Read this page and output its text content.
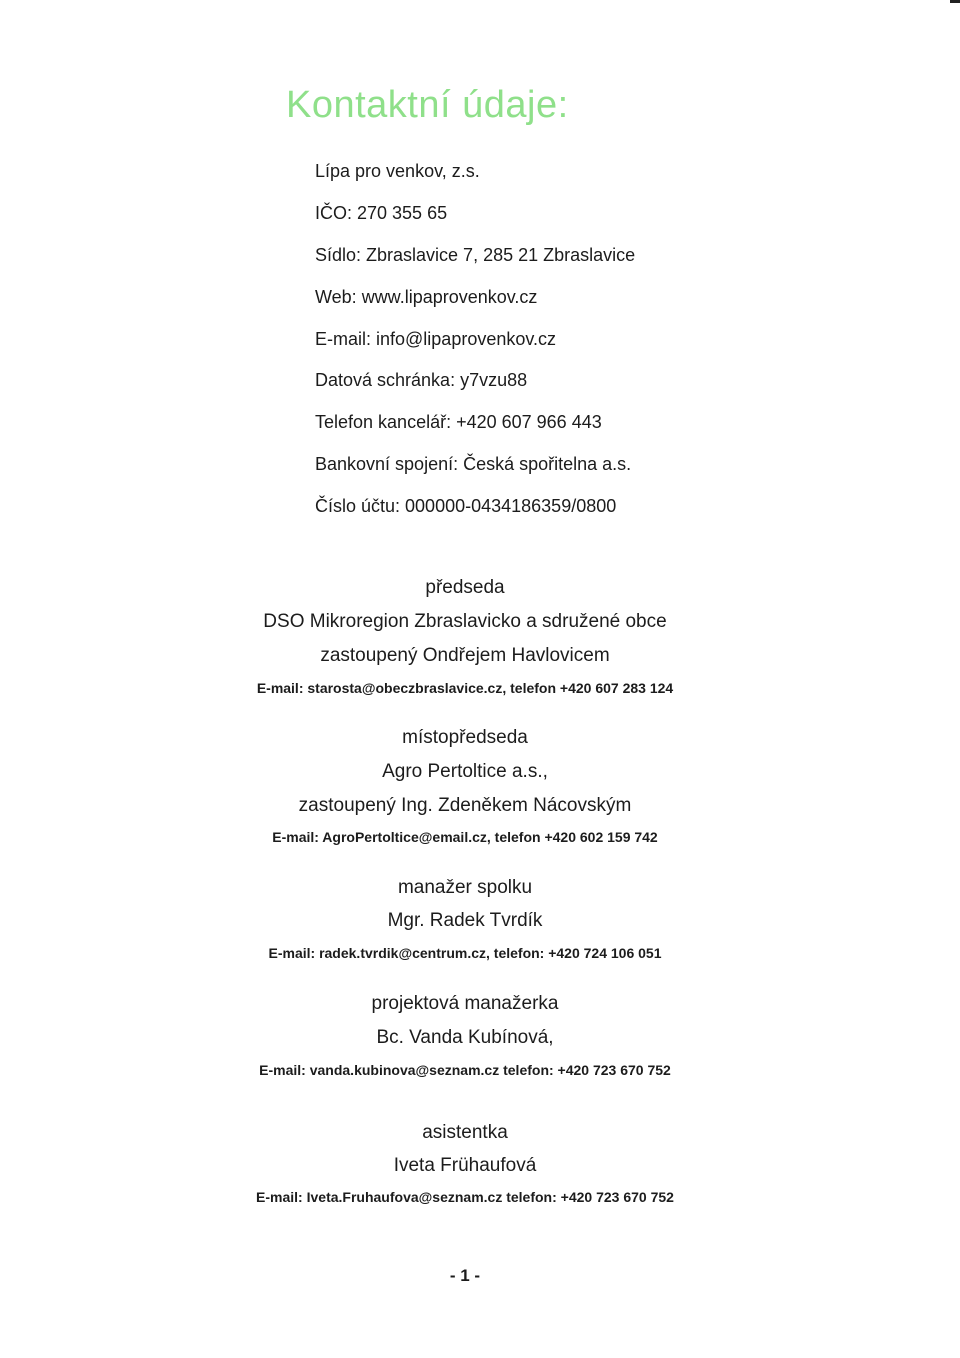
Kontaktní údaje:
Lípa pro venkov, z.s.
IČO: 270 355 65
Sídlo: Zbraslavice 7, 285 21 Zbraslavice
Web: www.lipaprovenkov.cz
E-mail: info@lipaprovenkov.cz
Datová schránka: y7vzu88
Telefon kancelář: +420 607 966 443
Bankovní spojení: Česká spořitelna a.s.
Číslo účtu: 000000-0434186359/0800
předseda
DSO Mikroregion Zbraslavicko a sdružené obce
zastoupený Ondřejem Havlovicem
E-mail: starosta@obeczbraslavice.cz, telefon +420 607 283 124
místopředseda
Agro Pertoltice a.s.,
zastoupený Ing. Zdeněkem Nácovským
E-mail: AgroPertoltice@email.cz, telefon +420 602 159 742
manažer spolku
Mgr. Radek Tvrdík
E-mail: radek.tvrdik@centrum.cz, telefon: +420 724 106 051
projektová manažerka
Bc. Vanda Kubínová,
E-mail: vanda.kubinova@seznam.cz telefon: +420 723 670 752
asistentka
Iveta Frühaufová
E-mail: Iveta.Fruhaufova@seznam.cz telefon: +420 723 670 752
- 1 -
